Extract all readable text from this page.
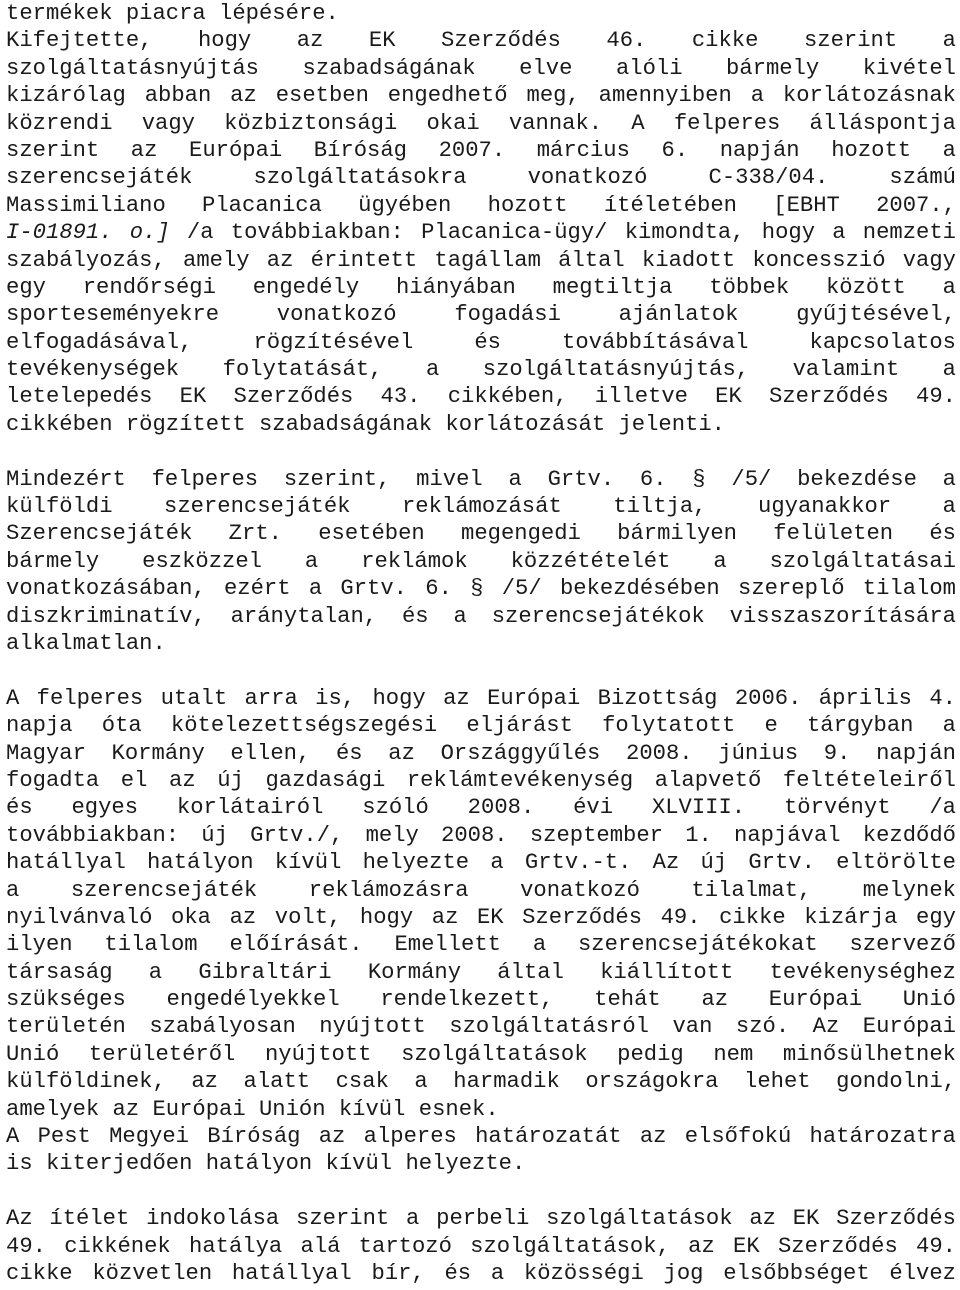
termékek piacra lépésére.
Kifejtette, hogy az EK Szerződés 46. cikke szerint a
szolgáltatásnyújtás szabadságának elve alóli bármely kivétel
kizárólag abban az esetben engedhető meg, amennyiben a korlátozásnak
közrendi vagy közbiztonsági okai vannak. A felperes álláspontja
szerint az Európai Bíróság 2007. március 6. napján hozott a
szerencsejáték szolgáltatásokra vonatkozó C-338/04. számú
Massimiliano Placanica ügyében hozott ítéletében [EBHT 2007.,
I-01891. o.] /a továbbiakban: Placanica-ügy/ kimondta, hogy a nemzeti
szabályozás, amely az érintett tagállam által kiadott koncesszió vagy
egy rendőrségi engedély hiányában megtiltja többek között a
sporteseményekre vonatkozó fogadási ajánlatok gyűjtésével,
elfogadásával, rögzítésével és továbbításával kapcsolatos
tevékenységek folytatását, a szolgáltatásnyújtás, valamint a
letelepedés EK Szerződés 43. cikkében, illetve EK Szerződés 49.
cikkében rögzített szabadságának korlátozását jelenti.
Mindezért felperes szerint, mivel a Grtv. 6. § /5/ bekezdése a
külföldi szerencsejáték reklámozását tiltja, ugyanakkor a
Szerencsejáték Zrt. esetében megengedi bármilyen felületen és
bármely eszközzel a reklámok közzétételét a szolgáltatásai
vonatkozásában, ezért a Grtv. 6. § /5/ bekezdésében szereplő tilalom
diszkriminatív, aránytalan, és a szerencsejátékok visszaszorítására
alkalmatlan.
A felperes utalt arra is, hogy az Európai Bizottság 2006. április 4.
napja óta kötelezettségszegési eljárást folytatott e tárgyban a
Magyar Kormány ellen, és az Országgyűlés 2008. június 9. napján
fogadta el az új gazdasági reklámtevékenység alapvető feltételeiről
és egyes korlátairól szóló 2008. évi XLVIII. törvényt /a
továbbiakban: új Grtv./, mely 2008. szeptember 1. napjával kezdődő
hatállyal hatályon kívül helyezte a Grtv.-t. Az új Grtv. eltörölte
a szerencsejáték reklámozásra vonatkozó tilalmat, melynek
nyilvánvaló oka az volt, hogy az EK Szerződés 49. cikke kizárja egy
ilyen tilalom előírását. Emellett a szerencsejátékokat szervező
társaság a Gibraltári Kormány által kiállított tevékenységhez
szükséges engedélyekkel rendelkezett, tehát az Európai Unió
területén szabályosan nyújtott szolgáltatásról van szó. Az Európai
Unió területéről nyújtott szolgáltatások pedig nem minősülhetnek
külföldinek, az alatt csak a harmadik országokra lehet gondolni,
amelyek az Európai Unión kívül esnek.
A Pest Megyei Bíróság az alperes határozatát az elsőfokú határozatra
is kiterjedően hatályon kívül helyezte.
Az ítélet indokolása szerint a perbeli szolgáltatások az EK Szerződés
49. cikkének hatálya alá tartozó szolgáltatások, az EK Szerződés 49.
cikke közvetlen hatállyal bír, és a közösségi jog elsőbbséget élvez
